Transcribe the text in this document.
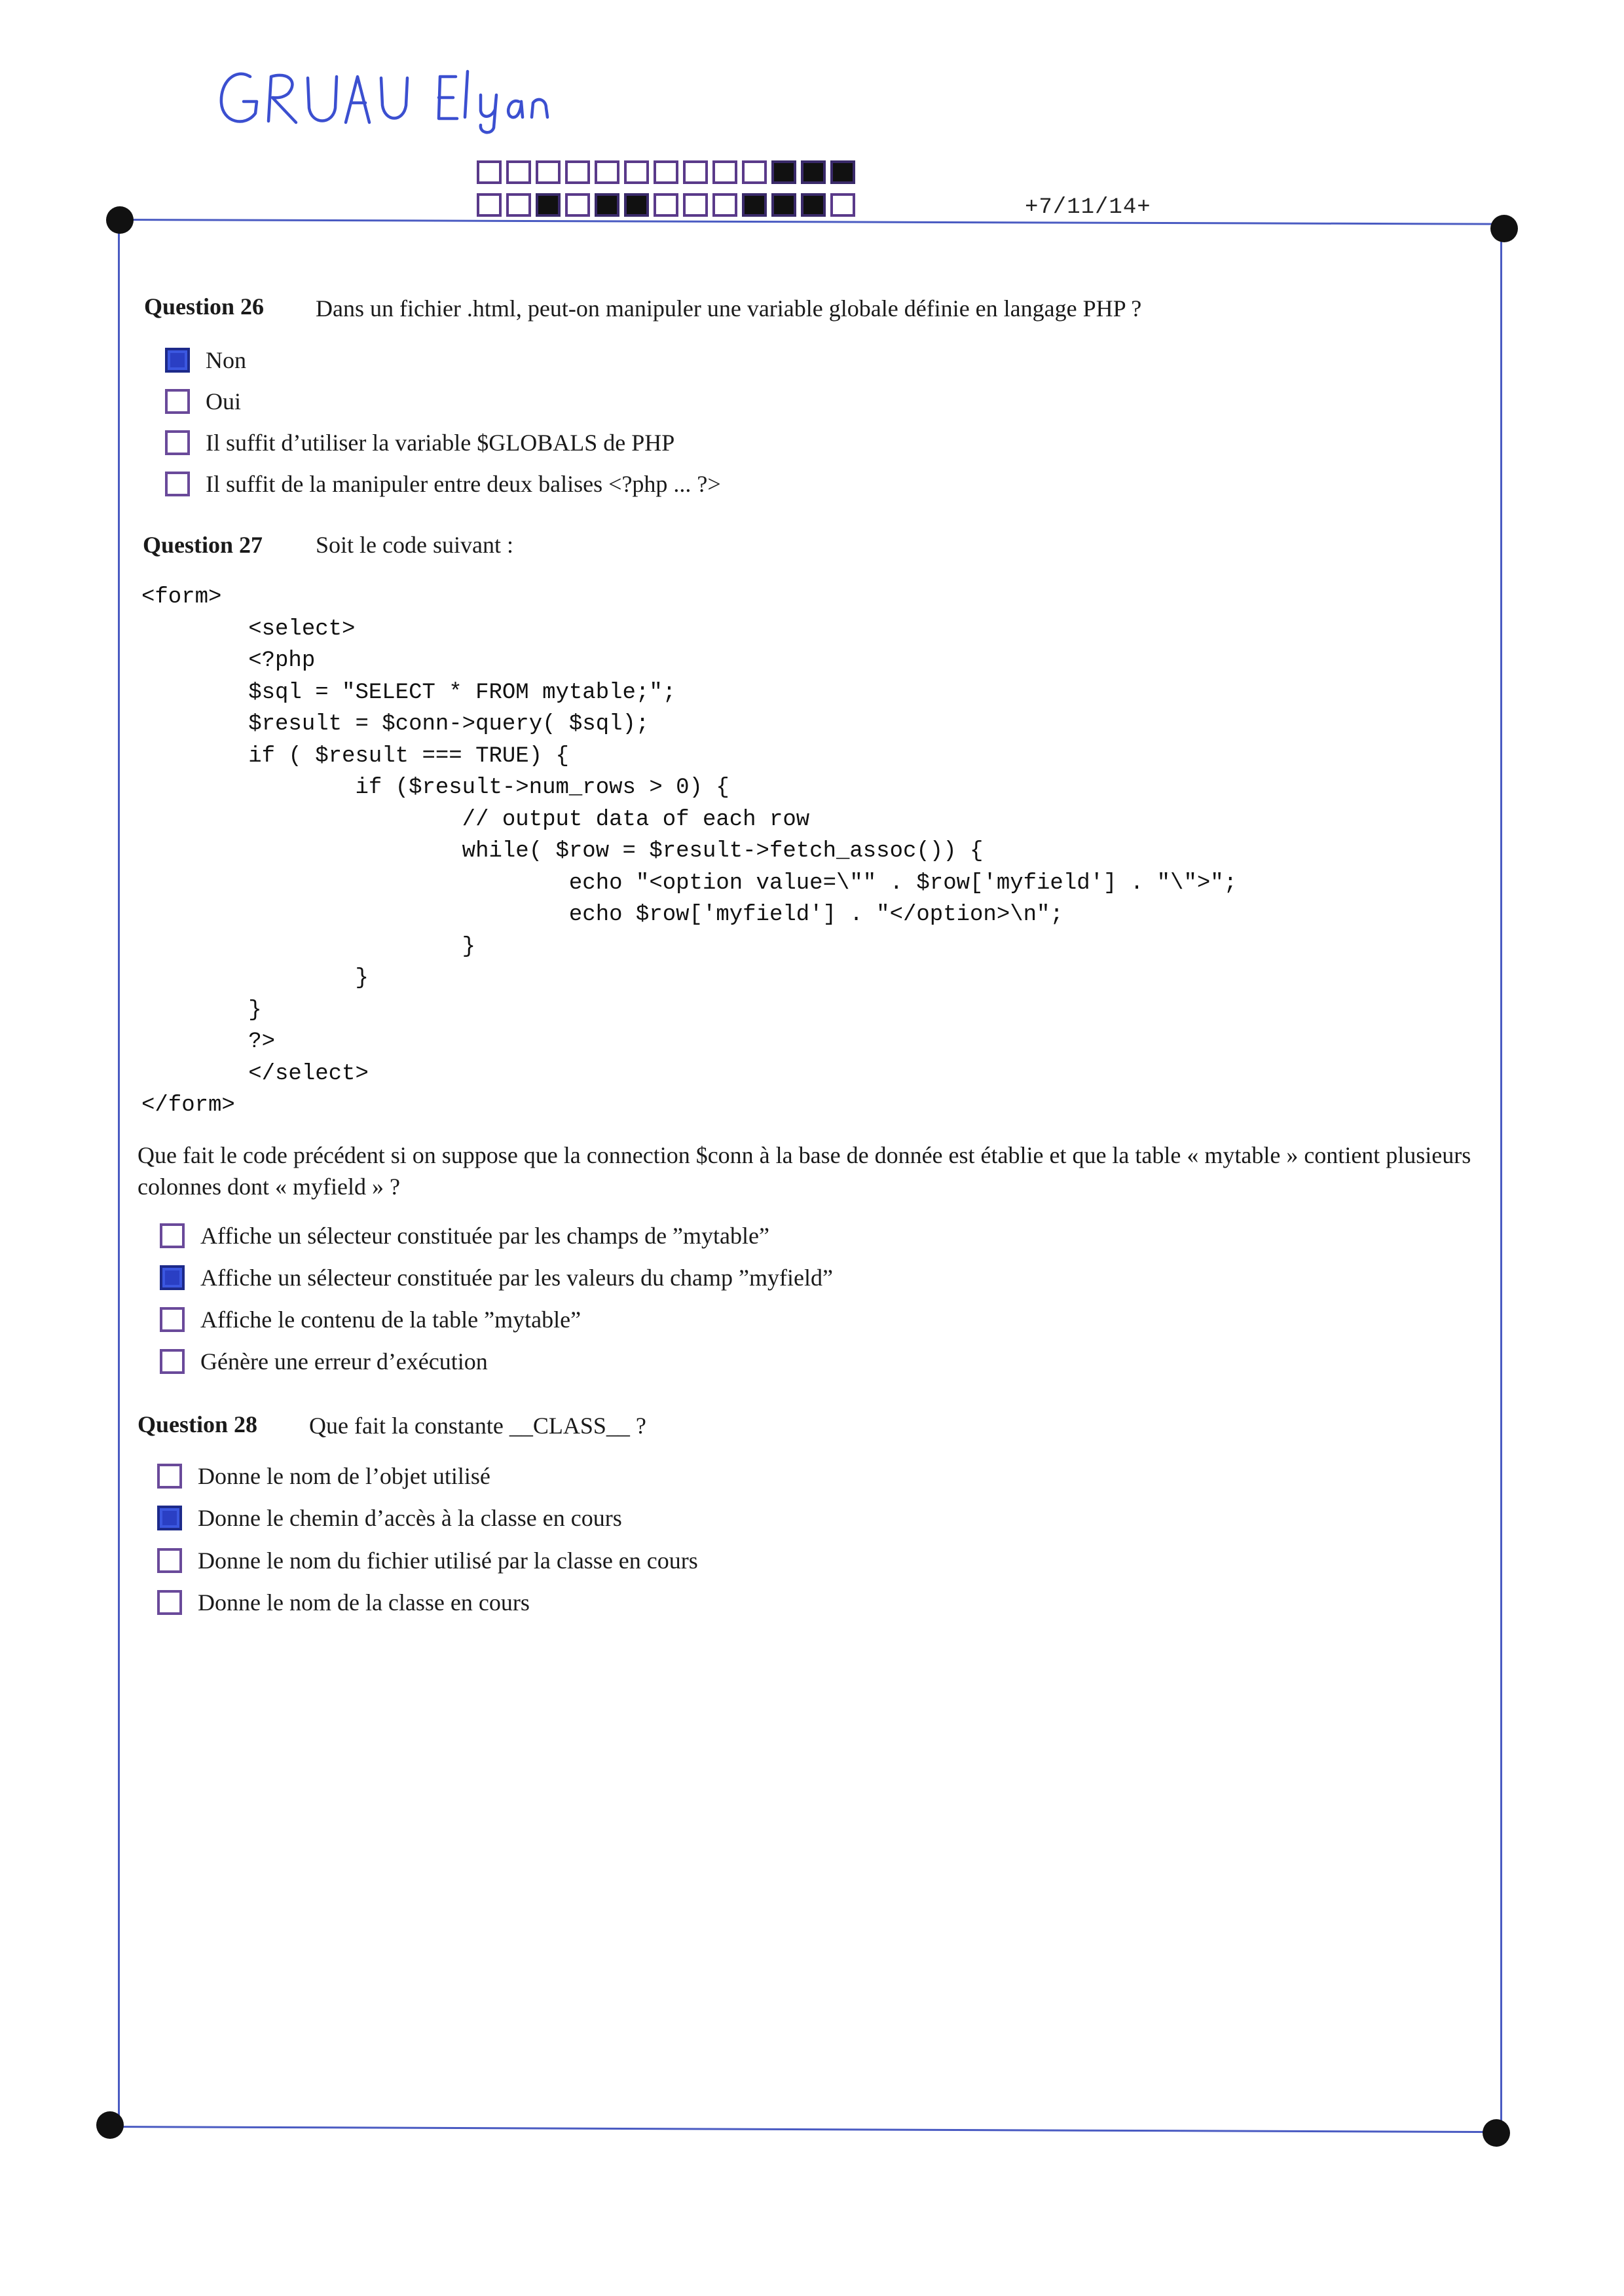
+7/11/14+
Question 26 Dans un fichier .html, peut-on manipuler une variable globale définie en langage PHP ?
Non
Oui
Il suffit d’utiliser la variable $GLOBALS de PHP
Il suffit de la manipuler entre deux balises <?php ... ?>
Question 27 Soit le code suivant :
<form>
<select>
<?php
$sql = "SELECT * FROM mytable;";
$result = $conn->query( $sql);
if ( $result === TRUE) {
if ($result->num_rows > 0) {
// output data of each row
while( $row = $result->fetch_assoc()) {
echo "<option value=\"" . $row['myfield'] . "\">";
echo $row['myfield'] . "</option>\n";
}
}
}
?>
</select>
</form>
Que fait le code précédent si on suppose que la connection $conn à la base de donnée est établie et que la table « mytable » contient plusieurs colonnes dont « myfield » ?
Affiche un sélecteur constituée par les champs de ”mytable”
Affiche un sélecteur constituée par les valeurs du champ ”myfield”
Affiche le contenu de la table ”mytable”
Génère une erreur d’exécution
Question 28 Que fait la constante __CLASS__ ?
Donne le nom de l’objet utilisé
Donne le chemin d’accès à la classe en cours
Donne le nom du fichier utilisé par la classe en cours
Donne le nom de la classe en cours
